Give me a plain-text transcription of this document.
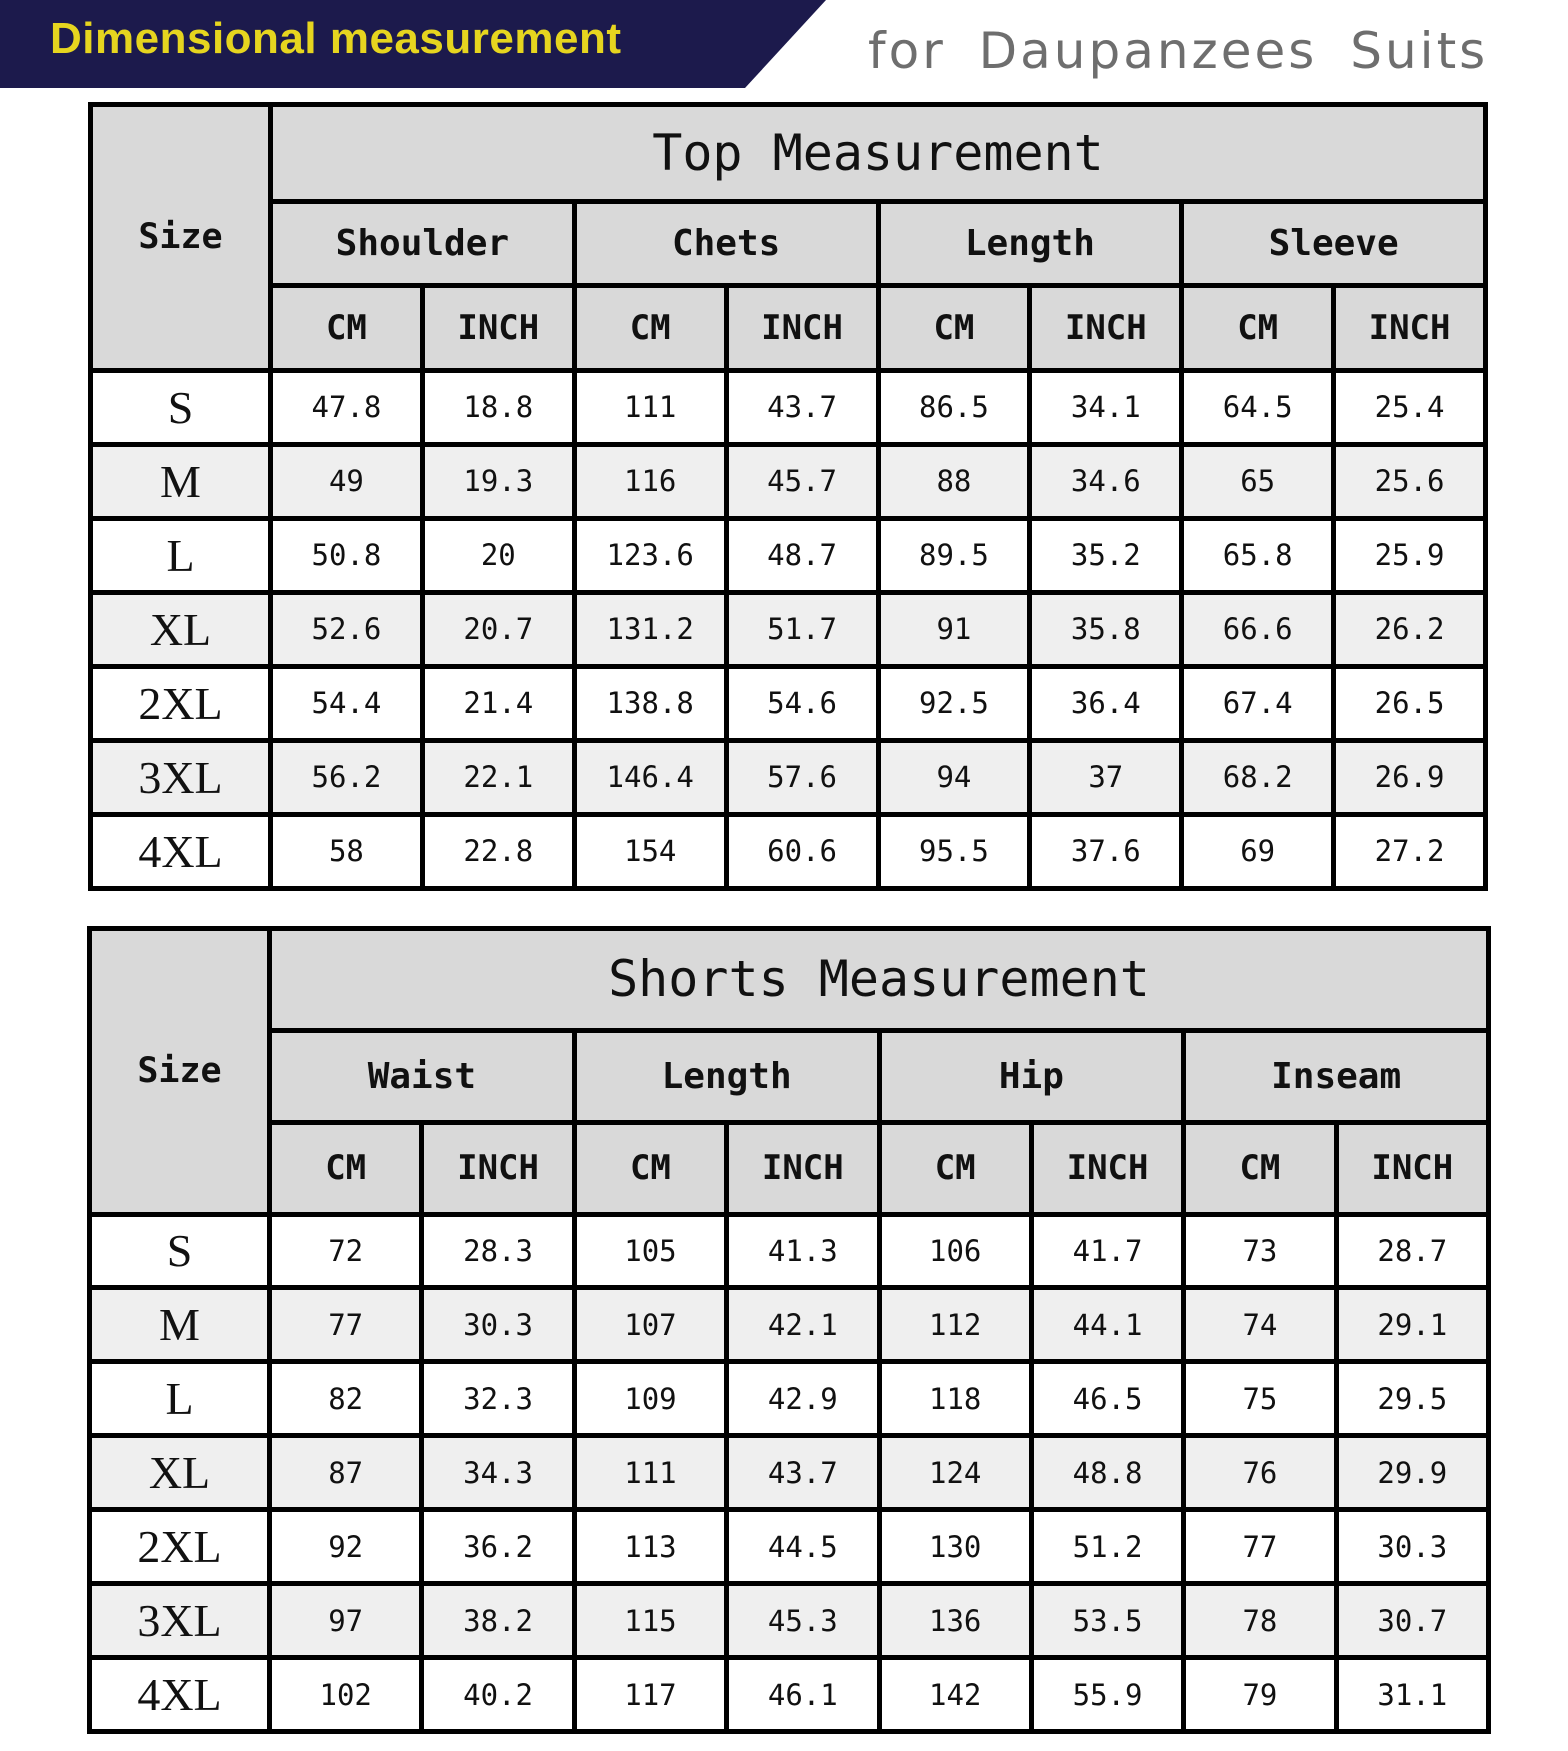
Dimensional measurement	for Daupanzees Suits
Size	Top Measurement							
	Shoulder		Chets		Length		Sleeve	
	CM	INCH	CM	INCH	CM	INCH	CM	INCH
S	47.8	18.8	111	43.7	86.5	34.1	64.5	25.4
M	49	19.3	116	45.7	88	34.6	65	25.6
L	50.8	20	123.6	48.7	89.5	35.2	65.8	25.9
XL	52.6	20.7	131.2	51.7	91	35.8	66.6	26.2
2XL	54.4	21.4	138.8	54.6	92.5	36.4	67.4	26.5
3XL	56.2	22.1	146.4	57.6	94	37	68.2	26.9
4XL	58	22.8	154	60.6	95.5	37.6	69	27.2
Size	Shorts Measurement							
	Waist		Length		Hip		Inseam	
	CM	INCH	CM	INCH	CM	INCH	CM	INCH
S	72	28.3	105	41.3	106	41.7	73	28.7
M	77	30.3	107	42.1	112	44.1	74	29.1
L	82	32.3	109	42.9	118	46.5	75	29.5
XL	87	34.3	111	43.7	124	48.8	76	29.9
2XL	92	36.2	113	44.5	130	51.2	77	30.3
3XL	97	38.2	115	45.3	136	53.5	78	30.7
4XL	102	40.2	117	46.1	142	55.9	79	31.1
